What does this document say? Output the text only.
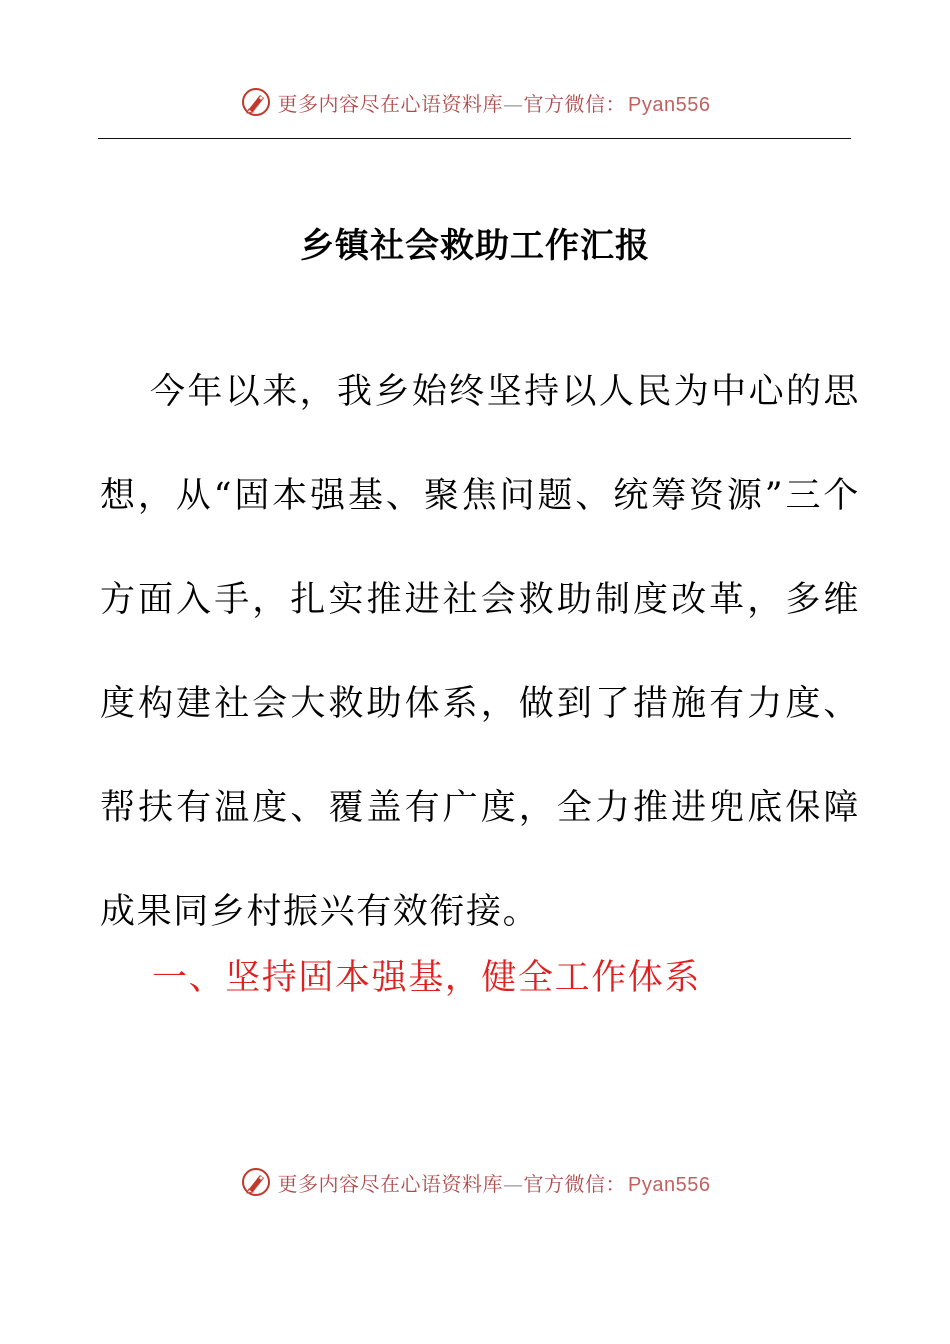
更多内容尽在心语资料库—官方微信： Pyan556
乡镇社会救助工作汇报

今年以来，我乡始终坚持以人民为中心的思想，从“固本强基、聚焦问题、统筹资源”三个方面入手，扎实推进社会救助制度改革，多维度构建社会大救助体系，做到了措施有力度、帮扶有温度、覆盖有广度，全力推进兜底保障成果同乡村振兴有效衔接。

一、坚持固本强基，健全工作体系
更多内容尽在心语资料库—官方微信： Pyan556
